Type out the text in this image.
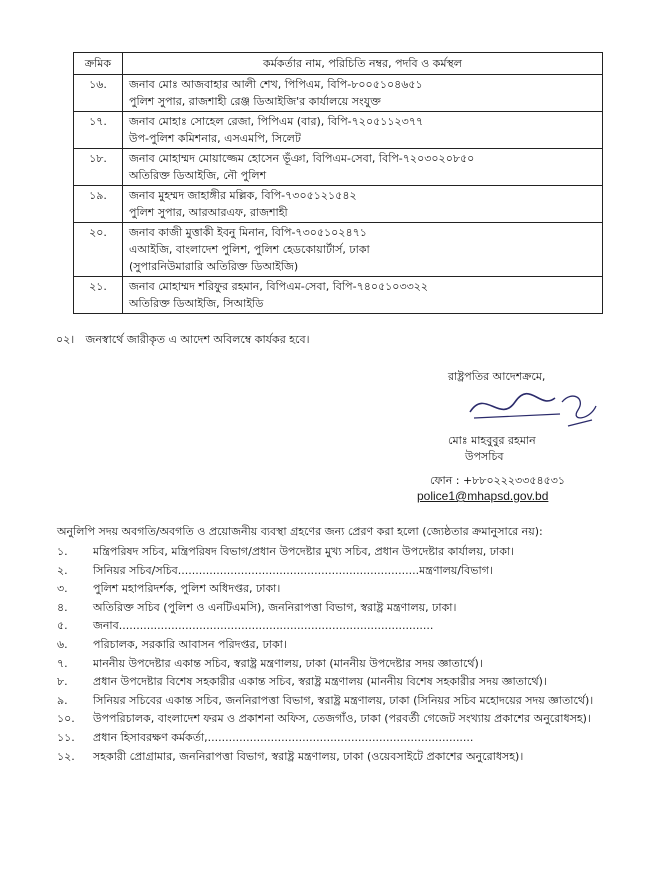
ক্রমিক	কর্মকর্তার নাম, পরিচিতি নম্বর, পদবি ও কর্মস্থল
১৬.	জনাব মোঃ আজবাহার আলী শেখ, পিপিএম, বিপি-৮০০৫১০৪৬৫১
পুলিশ সুপার, রাজশাহী রেঞ্জ ডিআইজি'র কার্যালয়ে সংযুক্ত

১৭.	জনাব মোহাঃ সোহেল রেজা, পিপিএম (বার), বিপি-৭২০৫১১২৩৭৭
উপ-পুলিশ কমিশনার, এসএমপি, সিলেট

১৮.	জনাব মোহাম্মদ মোয়াজ্জেম হোসেন ভূঁঞা, বিপিএম-সেবা, বিপি-৭২০৩০২০৮৫০
অতিরিক্ত ডিআইজি, নৌ পুলিশ

১৯.	জনাব মুহম্মদ জাহাঙ্গীর মল্লিক, বিপি-৭৩০৫১২১৫৪২
পুলিশ সুপার, আরআরএফ, রাজশাহী

২০.	জনাব কাজী মুত্তাকী ইবনু মিনান, বিপি-৭৩০৫১০২৪৭১
এআইজি, বাংলাদেশ পুলিশ, পুলিশ হেডকোয়ার্টার্স, ঢাকা
(সুপারনিউমারারি অতিরিক্ত ডিআইজি)

২১.	জনাব মোহাম্মদ শরিফুর রহমান, বিপিএম-সেবা, বিপি-৭৪০৫১০৩৩২২
অতিরিক্ত ডিআইজি, সিআইডি
০২। জনস্বার্থে জারীকৃত এ আদেশ অবিলম্বে কার্যকর হবে।
রাষ্ট্রপতির আদেশক্রমে,
মোঃ মাহবুবুর রহমান
উপসচিব
ফোন : +৮৮০২২২৩৩৫৪৫৩১
police1@mhapsd.gov.bd
অনুলিপি সদয় অবগতি/অবগতি ও প্রয়োজনীয় ব্যবস্থা গ্রহণের জন্য প্রেরণ করা হলো (জ্যেষ্ঠতার ক্রমানুসারে নয়):
১.	মন্ত্রিপরিষদ সচিব, মন্ত্রিপরিষদ বিভাগ/প্রধান উপদেষ্টার মুখ্য সচিব, প্রধান উপদেষ্টার কার্যালয়, ঢাকা।
২.	সিনিয়র সচিব/সচিব.....................................................................মন্ত্রণালয়/বিভাগ।
৩.	পুলিশ মহাপরিদর্শক, পুলিশ অধিদপ্তর, ঢাকা।
৪.	অতিরিক্ত সচিব (পুলিশ ও এনটিএমসি), জননিরাপত্তা বিভাগ, স্বরাষ্ট্র মন্ত্রণালয়, ঢাকা।
৫.	জনাব..........................................................................................
৬.	পরিচালক, সরকারি আবাসন পরিদপ্তর, ঢাকা।
৭.	মাননীয় উপদেষ্টার একান্ত সচিব, স্বরাষ্ট্র মন্ত্রণালয়, ঢাকা (মাননীয় উপদেষ্টার সদয় জ্ঞাতার্থে)।
৮.	প্রধান উপদেষ্টার বিশেষ সহকারীর একান্ত সচিব, স্বরাষ্ট্র মন্ত্রণালয় (মাননীয় বিশেষ সহকারীর সদয় জ্ঞাতার্থে)।
৯.	সিনিয়র সচিবের একান্ত সচিব, জননিরাপত্তা বিভাগ, স্বরাষ্ট্র মন্ত্রণালয়, ঢাকা (সিনিয়র সচিব মহোদয়ের সদয় জ্ঞাতার্থে)।
১০.	উপপরিচালক, বাংলাদেশ ফরম ও প্রকাশনা অফিস, তেজগাঁও, ঢাকা (পরবর্তী গেজেট সংখ্যায় প্রকাশের অনুরোধসহ)।
১১.	প্রধান হিসাবরক্ষণ কর্মকর্তা,............................................................................
১২.	সহকারী প্রোগ্রামার, জননিরাপত্তা বিভাগ, স্বরাষ্ট্র মন্ত্রণালয়, ঢাকা (ওয়েবসাইটে প্রকাশের অনুরোধসহ)।
